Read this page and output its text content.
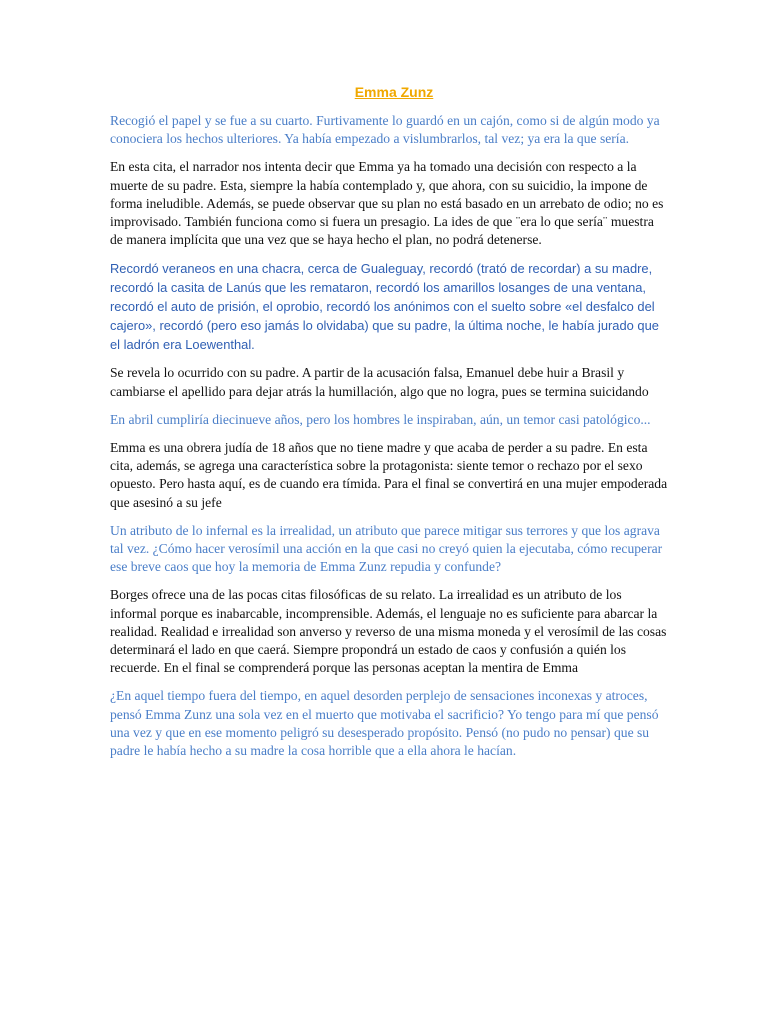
Emma Zunz

Recogió el papel y se fue a su cuarto. Furtivamente lo guardó en un cajón, como si de algún modo ya conociera los hechos ulteriores. Ya había empezado a vislumbrarlos, tal vez; ya era la que sería.

En esta cita, el narrador nos intenta decir que Emma ya ha tomado una decisión con respecto a la muerte de su padre. Esta, siempre la había contemplado y, que ahora, con su suicidio, la impone de forma ineludible. Además, se puede observar que su plan no está basado en un arrebato de odio; no es improvisado. También funciona como si fuera un presagio. La ides de que ¨era lo que sería¨ muestra de manera implícita que una vez que se haya hecho el plan, no podrá detenerse.

Recordó veraneos en una chacra, cerca de Gualeguay, recordó (trató de recordar) a su madre, recordó la casita de Lanús que les remataron, recordó los amarillos losanges de una ventana, recordó el auto de prisión, el oprobio, recordó los anónimos con el suelto sobre «el desfalco del cajero», recordó (pero eso jamás lo olvidaba) que su padre, la última noche, le había jurado que el ladrón era Loewenthal.

Se revela lo ocurrido con su padre. A partir de la acusación falsa, Emanuel debe huir a Brasil y cambiarse el apellido para dejar atrás la humillación, algo que no logra, pues se termina suicidando

En abril cumpliría diecinueve años, pero los hombres le inspiraban, aún, un temor casi patológico...

Emma es una obrera judía de 18 años que no tiene madre y que acaba de perder a su padre. En esta cita, además, se agrega una característica sobre la protagonista: siente temor o rechazo por el sexo opuesto. Pero hasta aquí, es de cuando era tímida. Para el final se convertirá en una mujer empoderada que asesinó a su jefe

Un atributo de lo infernal es la irrealidad, un atributo que parece mitigar sus terrores y que los agrava tal vez. ¿Cómo hacer verosímil una acción en la que casi no creyó quien la ejecutaba, cómo recuperar ese breve caos que hoy la memoria de Emma Zunz repudia y confunde?

Borges ofrece una de las pocas citas filosóficas de su relato. La irrealidad es un atributo de los informal porque es inabarcable, incomprensible. Además, el lenguaje no es suficiente para abarcar la realidad. Realidad e irrealidad son anverso y reverso de una misma moneda y el verosímil de las cosas determinará el lado en que caerá. Siempre propondrá un estado de caos y confusión a quién los recuerde. En el final se comprenderá porque las personas aceptan la mentira de Emma

¿En aquel tiempo fuera del tiempo, en aquel desorden perplejo de sensaciones inconexas y atroces, pensó Emma Zunz una sola vez en el muerto que motivaba el sacrificio? Yo tengo para mí que pensó una vez y que en ese momento peligró su desesperado propósito. Pensó (no pudo no pensar) que su padre le había hecho a su madre la cosa horrible que a ella ahora le hacían.
